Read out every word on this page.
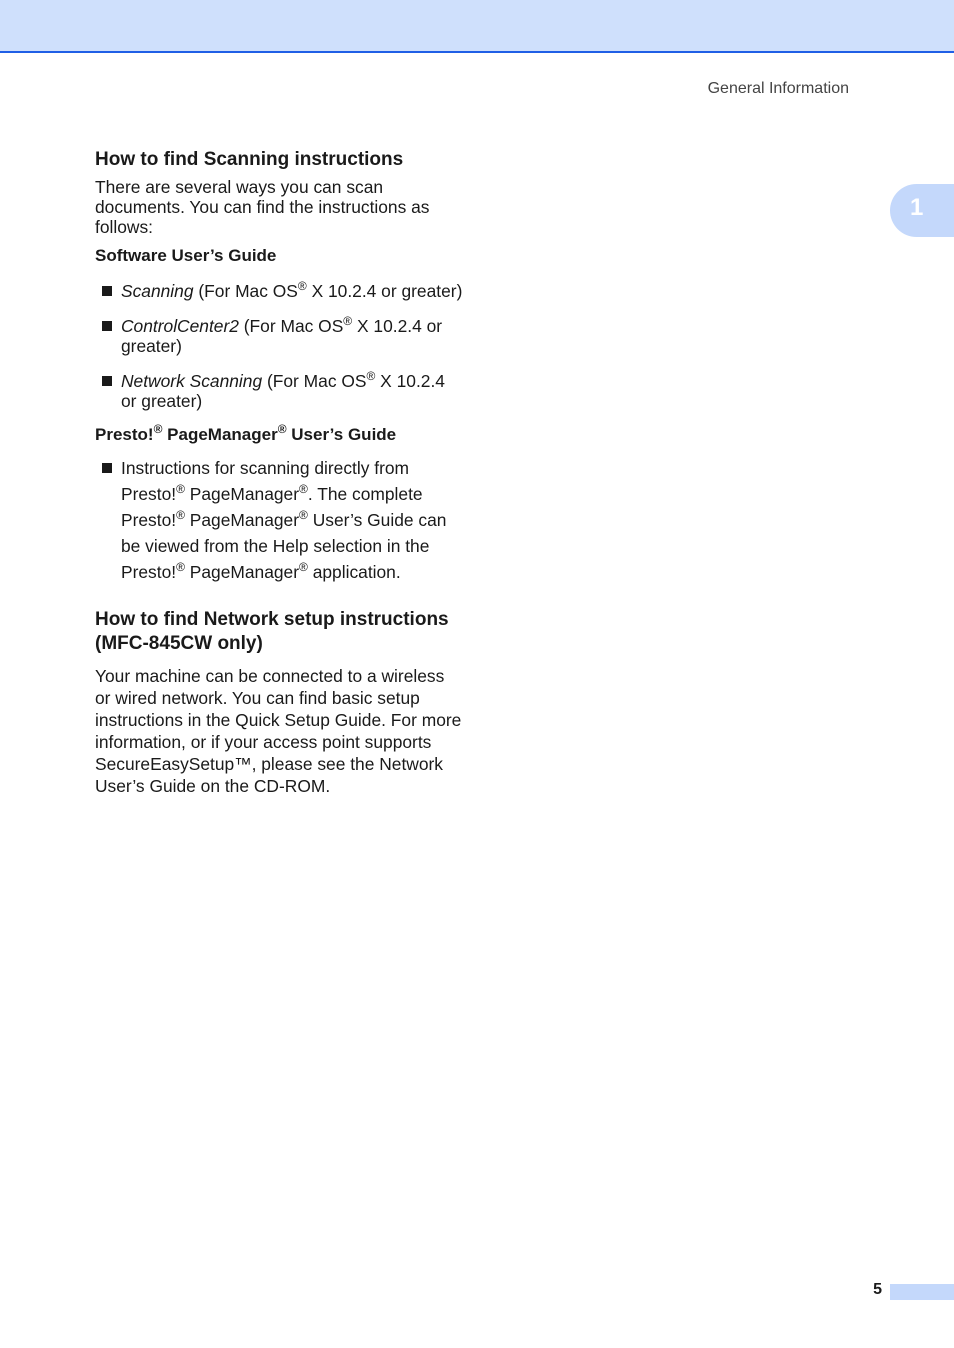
General Information
1
How to find Scanning instructions

There are several ways you can scan documents. You can find the instructions as follows:

Software User’s Guide
Scanning (For Mac OS® X 10.2.4 or greater)
ControlCenter2 (For Mac OS® X 10.2.4 or greater)
Network Scanning (For Mac OS® X 10.2.4 or greater)
Presto!® PageManager® User’s Guide
Instructions for scanning directly from Presto!® PageManager®. The complete Presto!® PageManager® User’s Guide can be viewed from the Help selection in the Presto!® PageManager® application.
How to find Network setup instructions (MFC-845CW only)

Your machine can be connected to a wireless or wired network. You can find basic setup instructions in the Quick Setup Guide. For more information, or if your access point supports SecureEasySetup™, please see the Network User’s Guide on the CD-ROM.

5
